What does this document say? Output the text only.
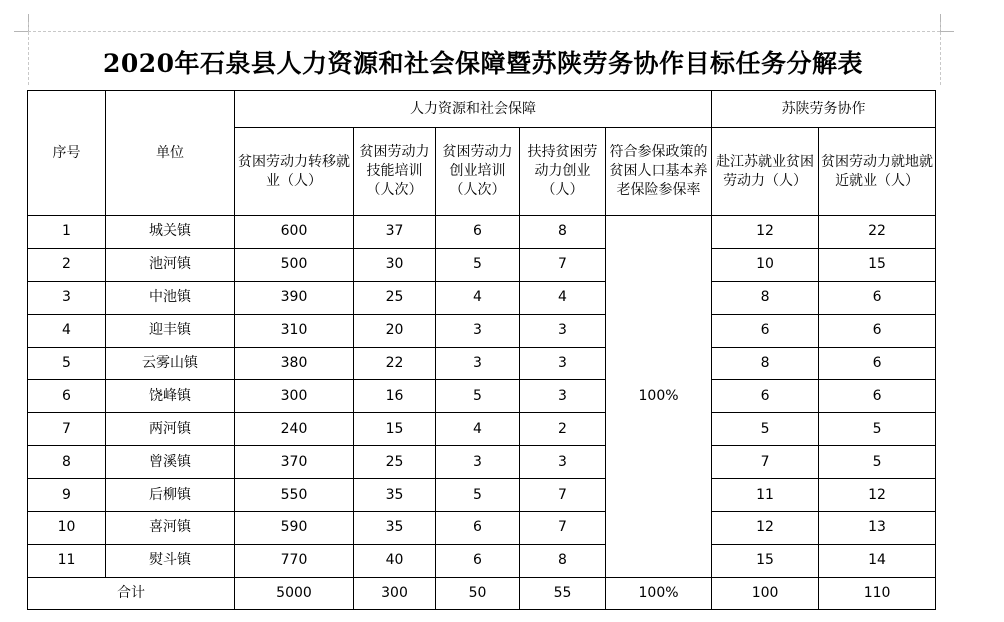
2020年石泉县人力资源和社会保障暨苏陕劳务协作目标任务分解表
序号	单位	人力资源和社会保障					苏陕劳务协作	
		贫困劳动力转移就业（人）	贫困劳动力技能培训（人次）	贫困劳动力创业培训（人次）	扶持贫困劳动力创业（人）	符合参保政策的贫困人口基本养老保险参保率	赴江苏就业贫困劳动力（人）	贫困劳动力就地就近就业（人）
1	城关镇	600	37	6	8	100%	12	22
2	池河镇	500	30	5	7		10	15
3	中池镇	390	25	4	4		8	6
4	迎丰镇	310	20	3	3		6	6
5	云雾山镇	380	22	3	3		8	6
6	饶峰镇	300	16	5	3		6	6
7	两河镇	240	15	4	2		5	5
8	曾溪镇	370	25	3	3		7	5
9	后柳镇	550	35	5	7		11	12
10	喜河镇	590	35	6	7		12	13
11	熨斗镇	770	40	6	8		15	14
合计		5000	300	50	55	100%	100	110
